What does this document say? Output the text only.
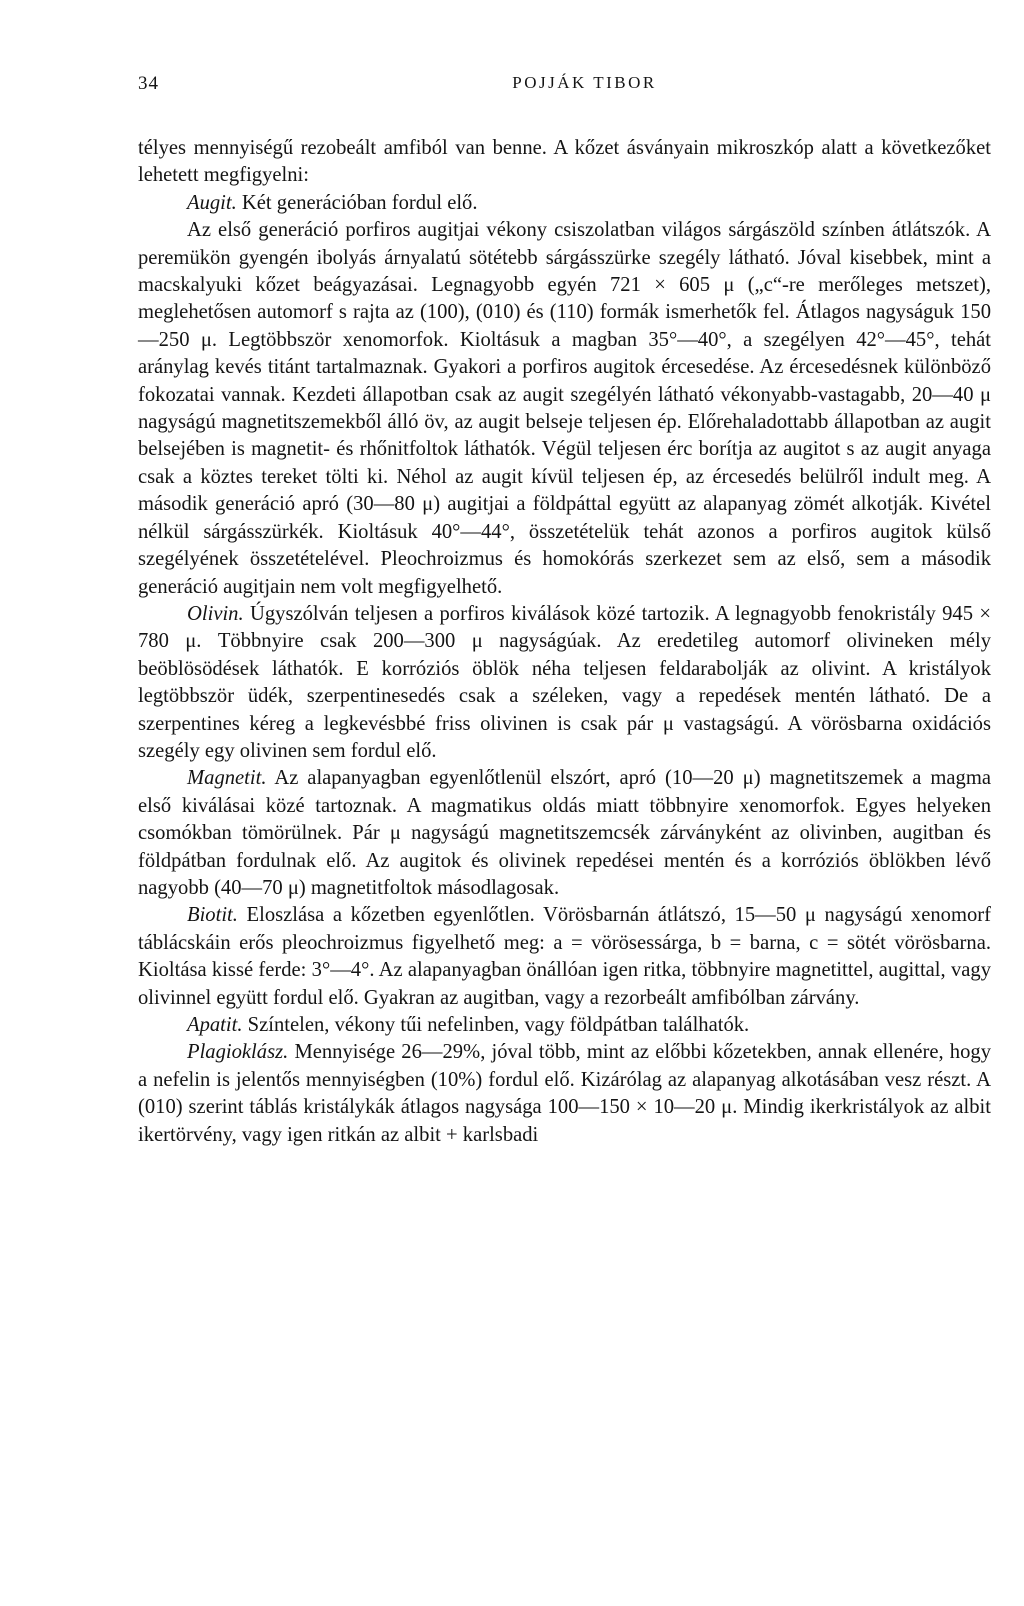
34	POJJÁK TIBOR

télyes mennyiségű rezobeált amfiból van benne. A kőzet ásványain mikroszkóp alatt a következőket lehetett megfigyelni:

Augit. Két generációban fordul elő.

Az első generáció porfiros augitjai vékony csiszolatban világos sárgászöld színben átlátszók. A peremükön gyengén ibolyás árnyalatú sötétebb sárgásszürke szegély látható. Jóval kisebbek, mint a macskalyuki kőzet beágyazásai. Legnagyobb egyén 721 × 605 μ („c“-re merőleges metszet), meglehetősen automorf s rajta az (100), (010) és (110) formák ismerhetők fel. Átlagos nagyságuk 150—250 μ. Legtöbbször xenomorfok. Kioltásuk a magban 35°—40°, a szegélyen 42°—45°, tehát aránylag kevés titánt tartalmaznak. Gyakori a porfiros augitok ércesedése. Az ércesedésnek különböző fokozatai vannak. Kezdeti állapotban csak az augit szegélyén látható vékonyabb-vastagabb, 20—40 μ nagyságú magnetitszemekből álló öv, az augit belseje teljesen ép. Előrehaladottabb állapotban az augit belsejében is magnetit- és rhőnitfoltok láthatók. Végül teljesen érc borítja az augitot s az augit anyaga csak a köztes tereket tölti ki. Néhol az augit kívül teljesen ép, az ércesedés belülről indult meg. A második generáció apró (30—80 μ) augitjai a földpáttal együtt az alapanyag zömét alkotják. Kivétel nélkül sárgásszürkék. Kioltásuk 40°—44°, összetételük tehát azonos a porfiros augitok külső szegélyének összetételével. Pleochroizmus és homokórás szerkezet sem az első, sem a második generáció augitjain nem volt megfigyelhető.

Olivin. Úgyszólván teljesen a porfiros kiválások közé tartozik. A legnagyobb fenokristály 945 × 780 μ. Többnyire csak 200—300 μ nagyságúak. Az eredetileg automorf olivineken mély beöblösödések láthatók. E korróziós öblök néha teljesen feldarabolják az olivint. A kristályok legtöbbször üdék, szerpentinesedés csak a széleken, vagy a repedések mentén látható. De a szerpentines kéreg a legkevésbbé friss olivinen is csak pár μ vastagságú. A vörösbarna oxidációs szegély egy olivinen sem fordul elő.

Magnetit. Az alapanyagban egyenlőtlenül elszórt, apró (10—20 μ) magnetitszemek a magma első kiválásai közé tartoznak. A magmatikus oldás miatt többnyire xenomorfok. Egyes helyeken csomókban tömörülnek. Pár μ nagyságú magnetitszemcsék zárványként az olivinben, augitban és földpátban fordulnak elő. Az augitok és olivinek repedései mentén és a korróziós öblökben lévő nagyobb (40—70 μ) magnetitfoltok másodlagosak.

Biotit. Eloszlása a kőzetben egyenlőtlen. Vörösbarnán átlátszó, 15—50 μ nagyságú xenomorf táblácskáin erős pleochroizmus figyelhető meg: a = vörösessárga, b = barna, c = sötét vörösbarna. Kioltása kissé ferde: 3°—4°. Az alapanyagban önállóan igen ritka, többnyire magnetittel, augittal, vagy olivinnel együtt fordul elő. Gyakran az augitban, vagy a rezorbeált amfibólban zárvány.

Apatit. Színtelen, vékony tűi nefelinben, vagy földpátban találhatók.

Plagioklász. Mennyisége 26—29%, jóval több, mint az előbbi kőzetekben, annak ellenére, hogy a nefelin is jelentős mennyiségben (10%) fordul elő. Kizárólag az alapanyag alkotásában vesz részt. A (010) szerint táblás kristálykák átlagos nagysága 100—150 × 10—20 μ. Mindig ikerkristályok az albit ikertörvény, vagy igen ritkán az albit + karlsbadi
